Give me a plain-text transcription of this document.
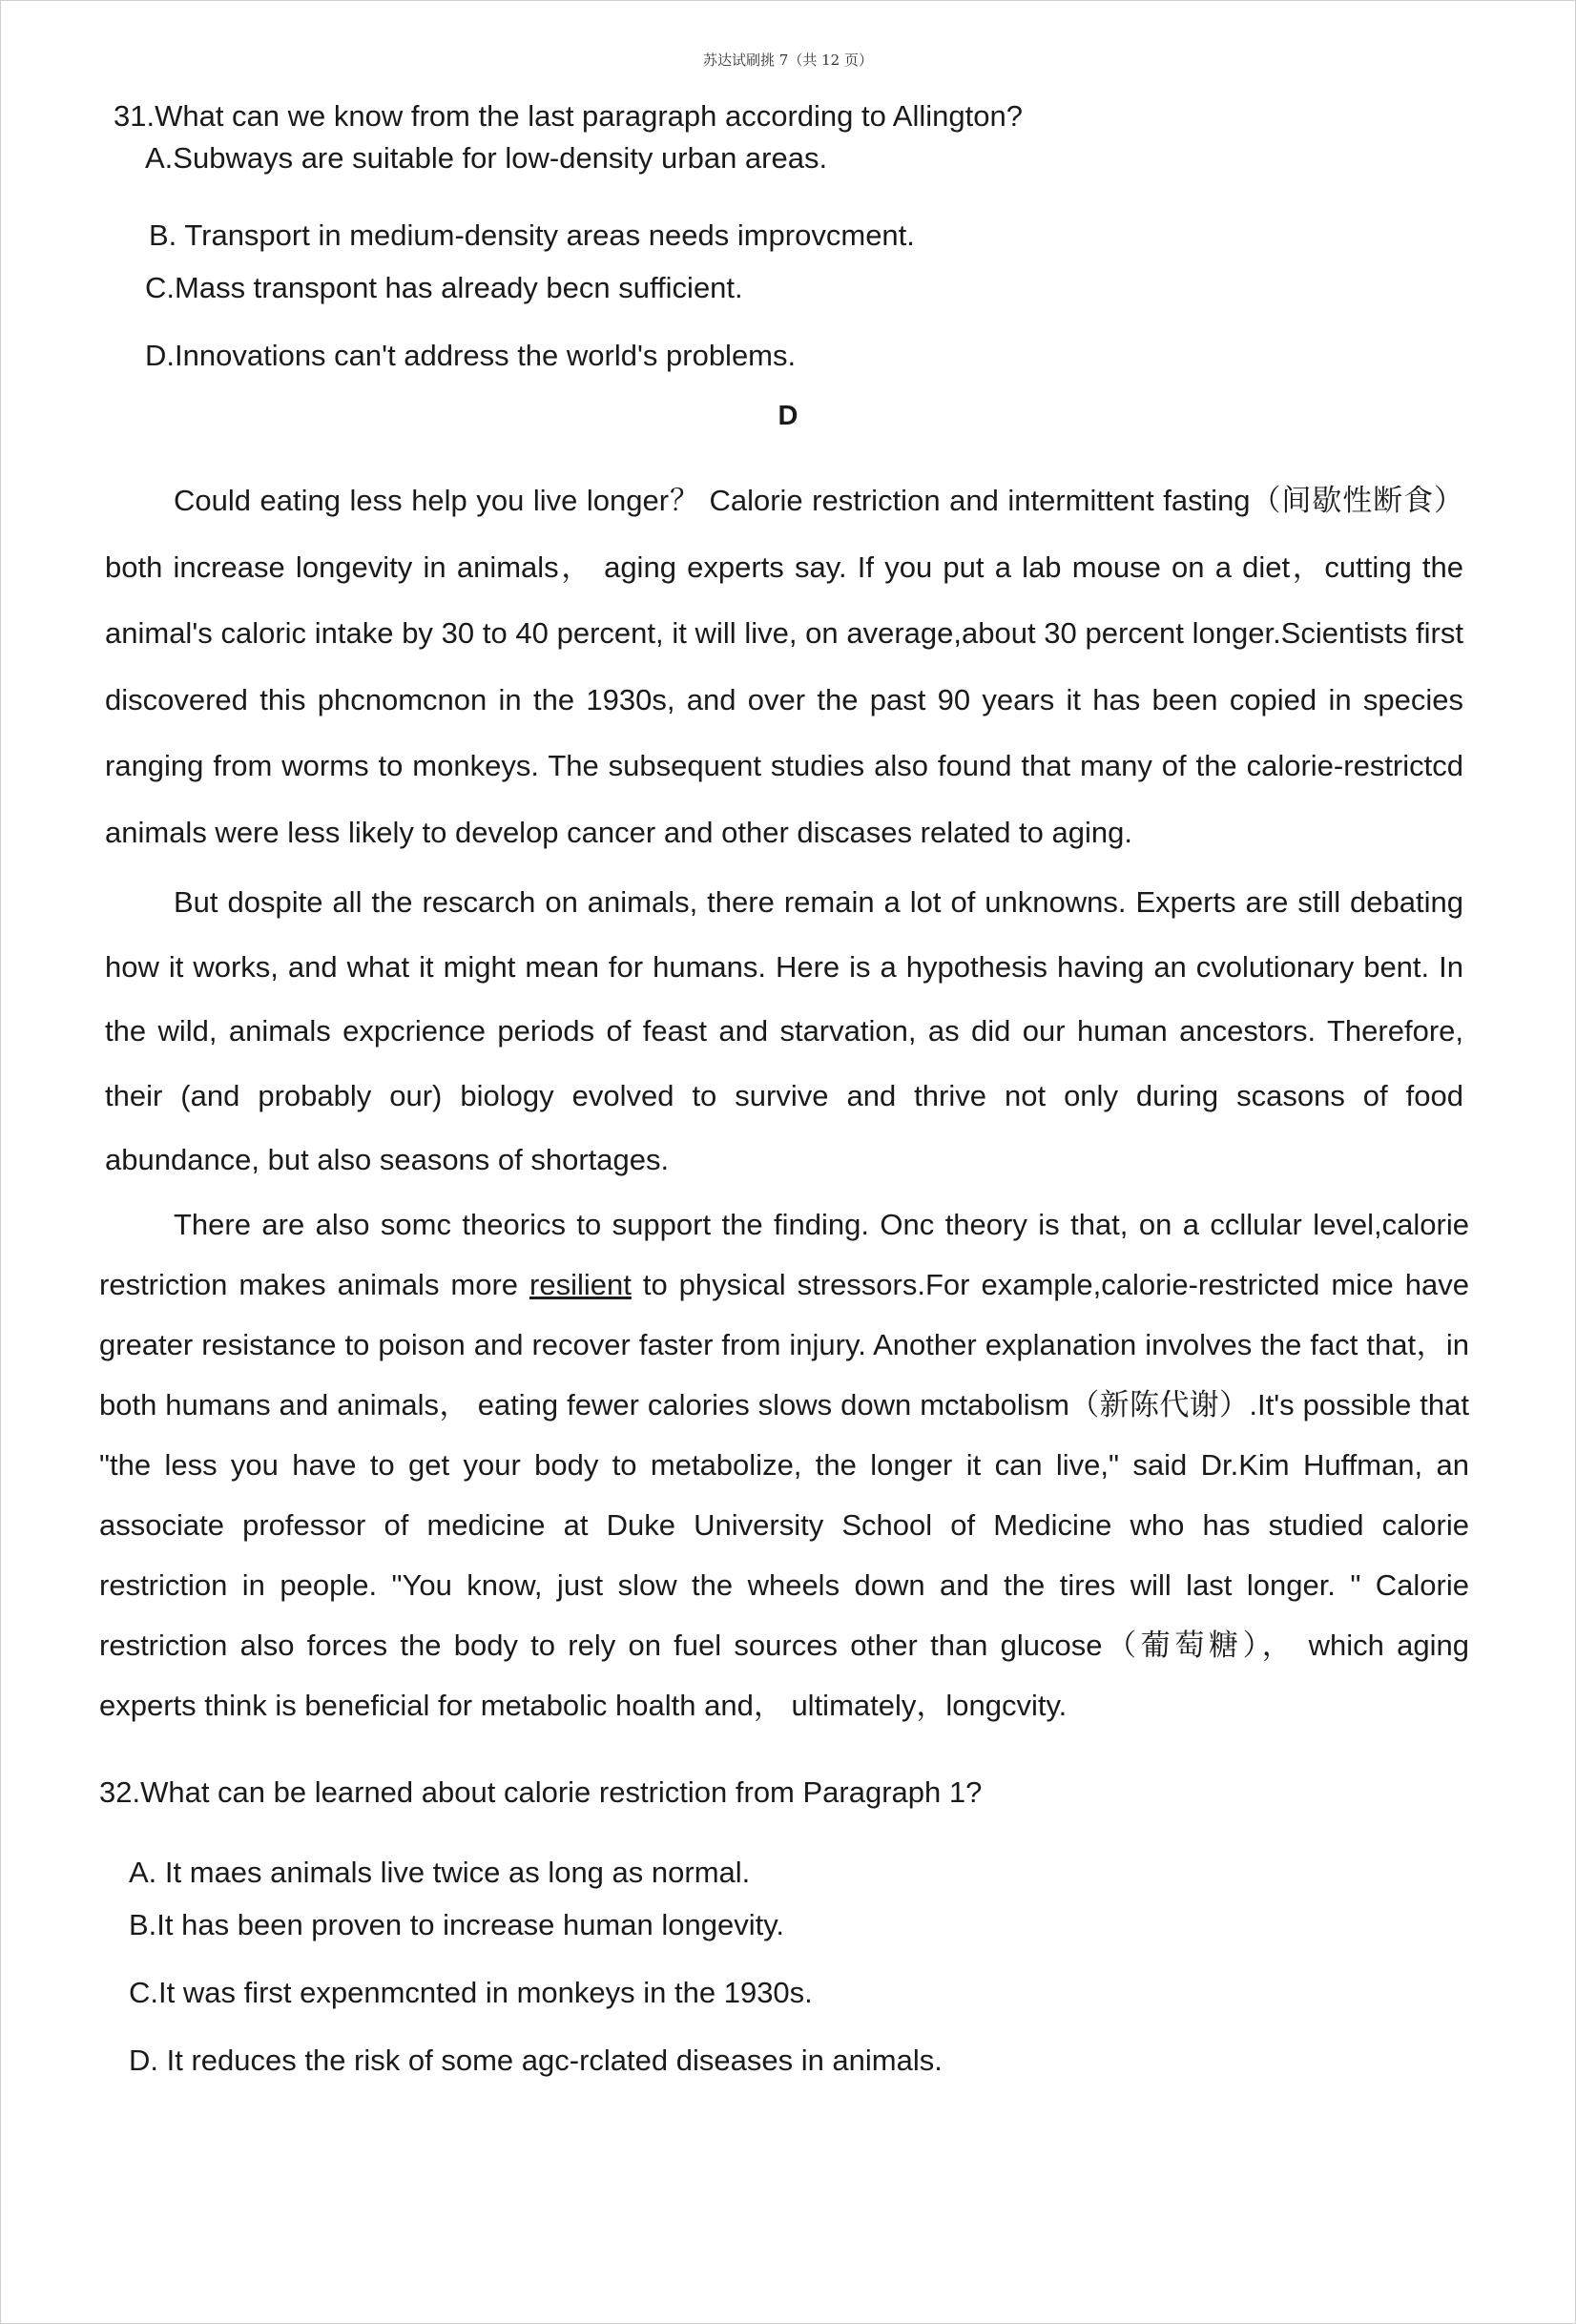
苏达试刷挑 7（共 12 页）
31.What can we know from the last paragraph according to Allington?
A.Subways are suitable for low-density urban areas.
B. Transport in medium-density areas needs improvcment.
C.Mass transpont has already becn sufficient.
D.Innovations can't address the world's problems.
D

Could eating less help you live longer？ Calorie restriction and intermittent fasting（间歇性断食）both increase longevity in animals， aging experts say. If you put a lab mouse on a diet，cutting the animal's caloric intake by 30 to 40 percent, it will live, on average,about 30 percent longer.Scientists first discovered this phcnomcnon in the 1930s, and over the past 90 years it has been copied in species ranging from worms to monkeys. The subsequent studies also found that many of the calorie-restrictcd animals were less likely to develop cancer and other discases related to aging.

But dospite all the rescarch on animals, there remain a lot of unknowns. Experts are still debating how it works, and what it might mean for humans. Here is a hypothesis having an cvolutionary bent. In the wild, animals expcrience periods of feast and starvation, as did our human ancestors. Therefore, their (and probably our) biology evolved to survive and thrive not only during scasons of food abundance, but also seasons of shortages.

There are also somc theorics to support the finding. Onc theory is that, on a ccllular level,calorie restriction makes animals more resilient to physical stressors.For example,calorie-restricted mice have greater resistance to poison and recover faster from injury. Another explanation involves the fact that，in both humans and animals， eating fewer calories slows down mctabolism（新陈代谢）.It's possible that "the less you have to get your body to metabolize, the longer it can live," said Dr.Kim Huffman, an associate professor of medicine at Duke University School of Medicine who has studied calorie restriction in people. "You know, just slow the wheels down and the tires will last longer. " Calorie restriction also forces the body to rely on fuel sources other than glucose（葡萄糖）， which aging experts think is beneficial for metabolic hoalth and， ultimately，longcvity.

32.What can be learned about calorie restriction from Paragraph 1?
A. It maes animals live twice as long as normal.
B.It has been proven to increase human longevity.
C.It was first expenmcnted in monkeys in the 1930s.
D. It reduces the risk of some agc-rclated diseases in animals.
